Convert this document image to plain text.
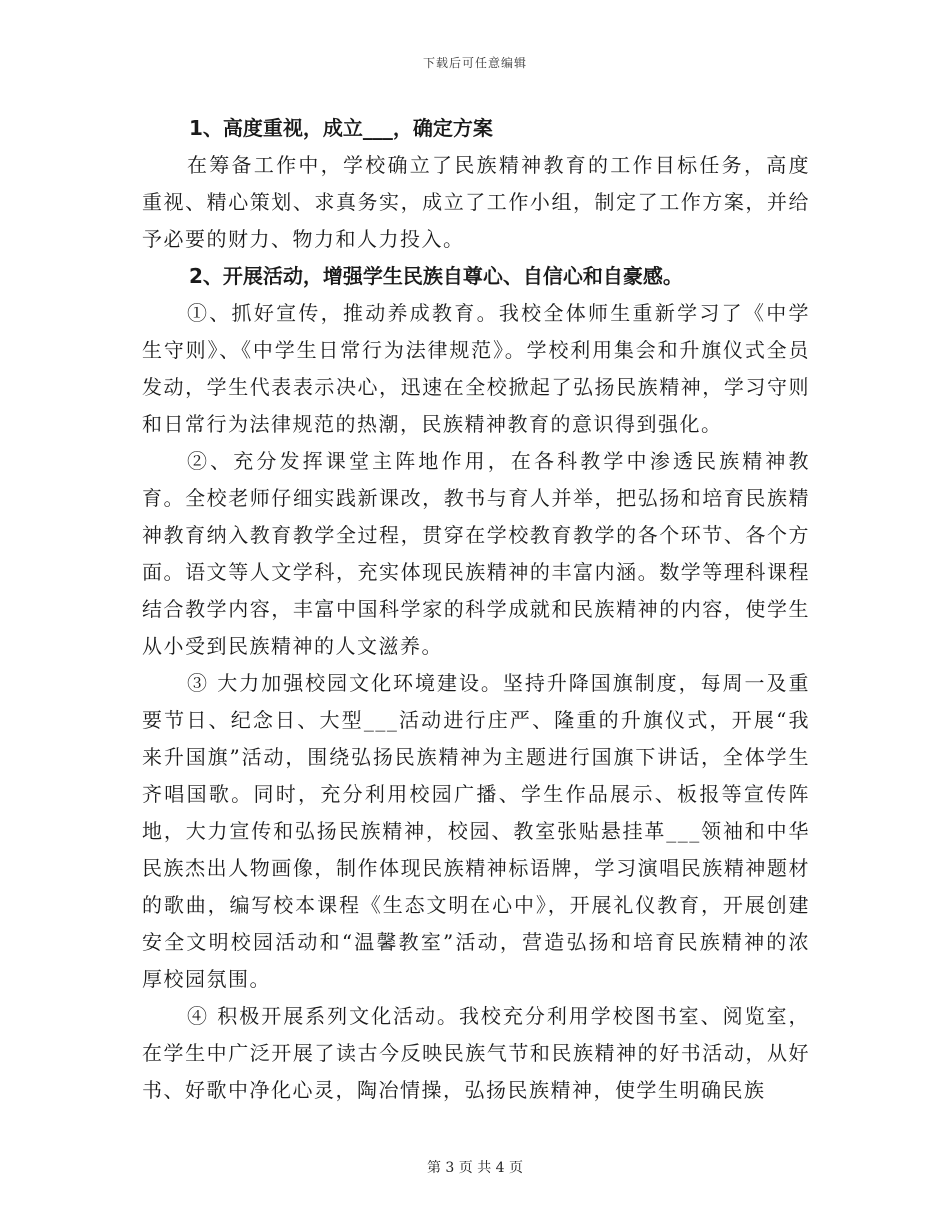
下载后可任意编辑

1、高度重视，成立___，确定方案

在筹备工作中，学校确立了民族精神教育的工作目标任务，高度重视、精心策划、求真务实，成立了工作小组，制定了工作方案，并给予必要的财力、物力和人力投入。

2、开展活动，增强学生民族自尊心、自信心和自豪感。

①、抓好宣传，推动养成教育。我校全体师生重新学习了《中学生守则》、《中学生日常行为法律规范》。学校利用集会和升旗仪式全员发动，学生代表表示决心，迅速在全校掀起了弘扬民族精神，学习守则和日常行为法律规范的热潮，民族精神教育的意识得到强化。

②、充分发挥课堂主阵地作用，在各科教学中渗透民族精神教育。全校老师仔细实践新课改，教书与育人并举，把弘扬和培育民族精神教育纳入教育教学全过程，贯穿在学校教育教学的各个环节、各个方面。语文等人文学科，充实体现民族精神的丰富内涵。数学等理科课程结合教学内容，丰富中国科学家的科学成就和民族精神的内容，使学生从小受到民族精神的人文滋养。

③ 大力加强校园文化环境建设。坚持升降国旗制度，每周一及重要节日、纪念日、大型___活动进行庄严、隆重的升旗仪式，开展“我来升国旗”活动，围绕弘扬民族精神为主题进行国旗下讲话，全体学生齐唱国歌。同时，充分利用校园广播、学生作品展示、板报等宣传阵地，大力宣传和弘扬民族精神，校园、教室张贴悬挂革___领袖和中华民族杰出人物画像，制作体现民族精神标语牌，学习演唱民族精神题材的歌曲，编写校本课程《生态文明在心中》，开展礼仪教育，开展创建安全文明校园活动和“温馨教室”活动，营造弘扬和培育民族精神的浓厚校园氛围。

④ 积极开展系列文化活动。我校充分利用学校图书室、阅览室，在学生中广泛开展了读古今反映民族气节和民族精神的好书活动，从好书、好歌中净化心灵，陶冶情操，弘扬民族精神，使学生明确民族

第 3 页 共 4 页
